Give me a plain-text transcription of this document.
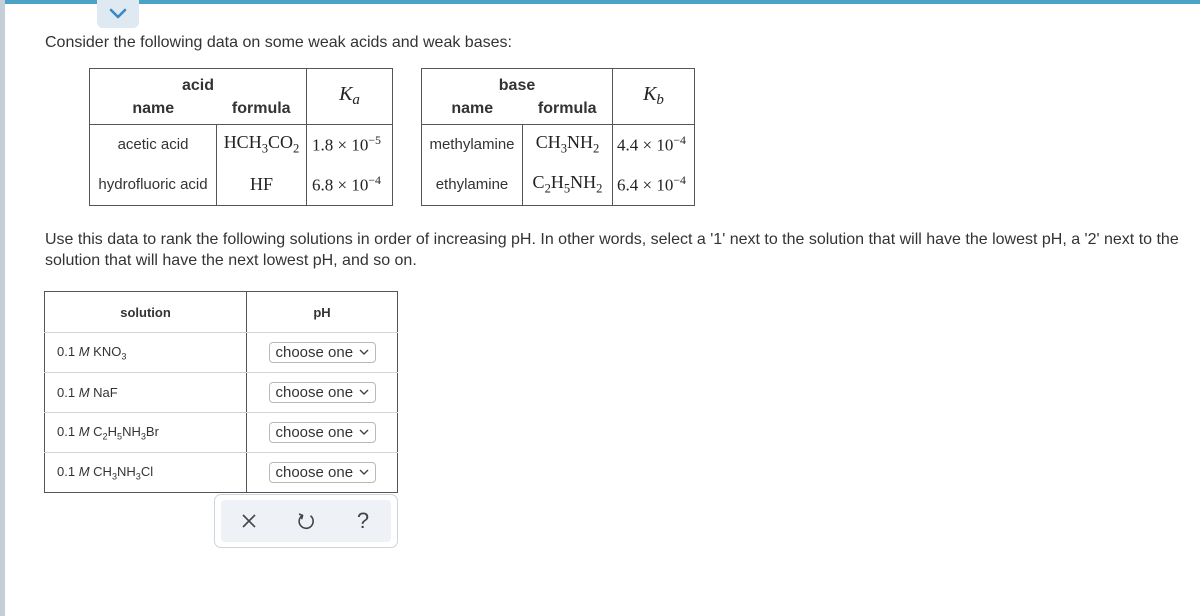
Consider the following data on some weak acids and weak bases:
acid		$K_a$
name	formula	
acetic acid	$HCH_3CO_2$	$1.8 \times 10^{-5}$
hydrofluoric acid	HF	$6.8 \times 10^{-4}$
base		$K_b$
name	formula	
methylamine	$CH_3NH_2$	$4.4 \times 10^{-4}$
ethylamine	$C_2H_5NH_2$	$6.4 \times 10^{-4}$
Use this data to rank the following solutions in order of increasing pH. In other words, select a '1' next to the solution that will have the lowest pH, a '2' next to the solution that will have the next lowest pH, and so on.
solution	pH
0.1 M $KNO_3$	choose one

0.1 M NaF	choose one

0.1 M $C_2H_5NH_3Br$	choose one

0.1 M $CH_3NH_3Cl$	choose one
?
